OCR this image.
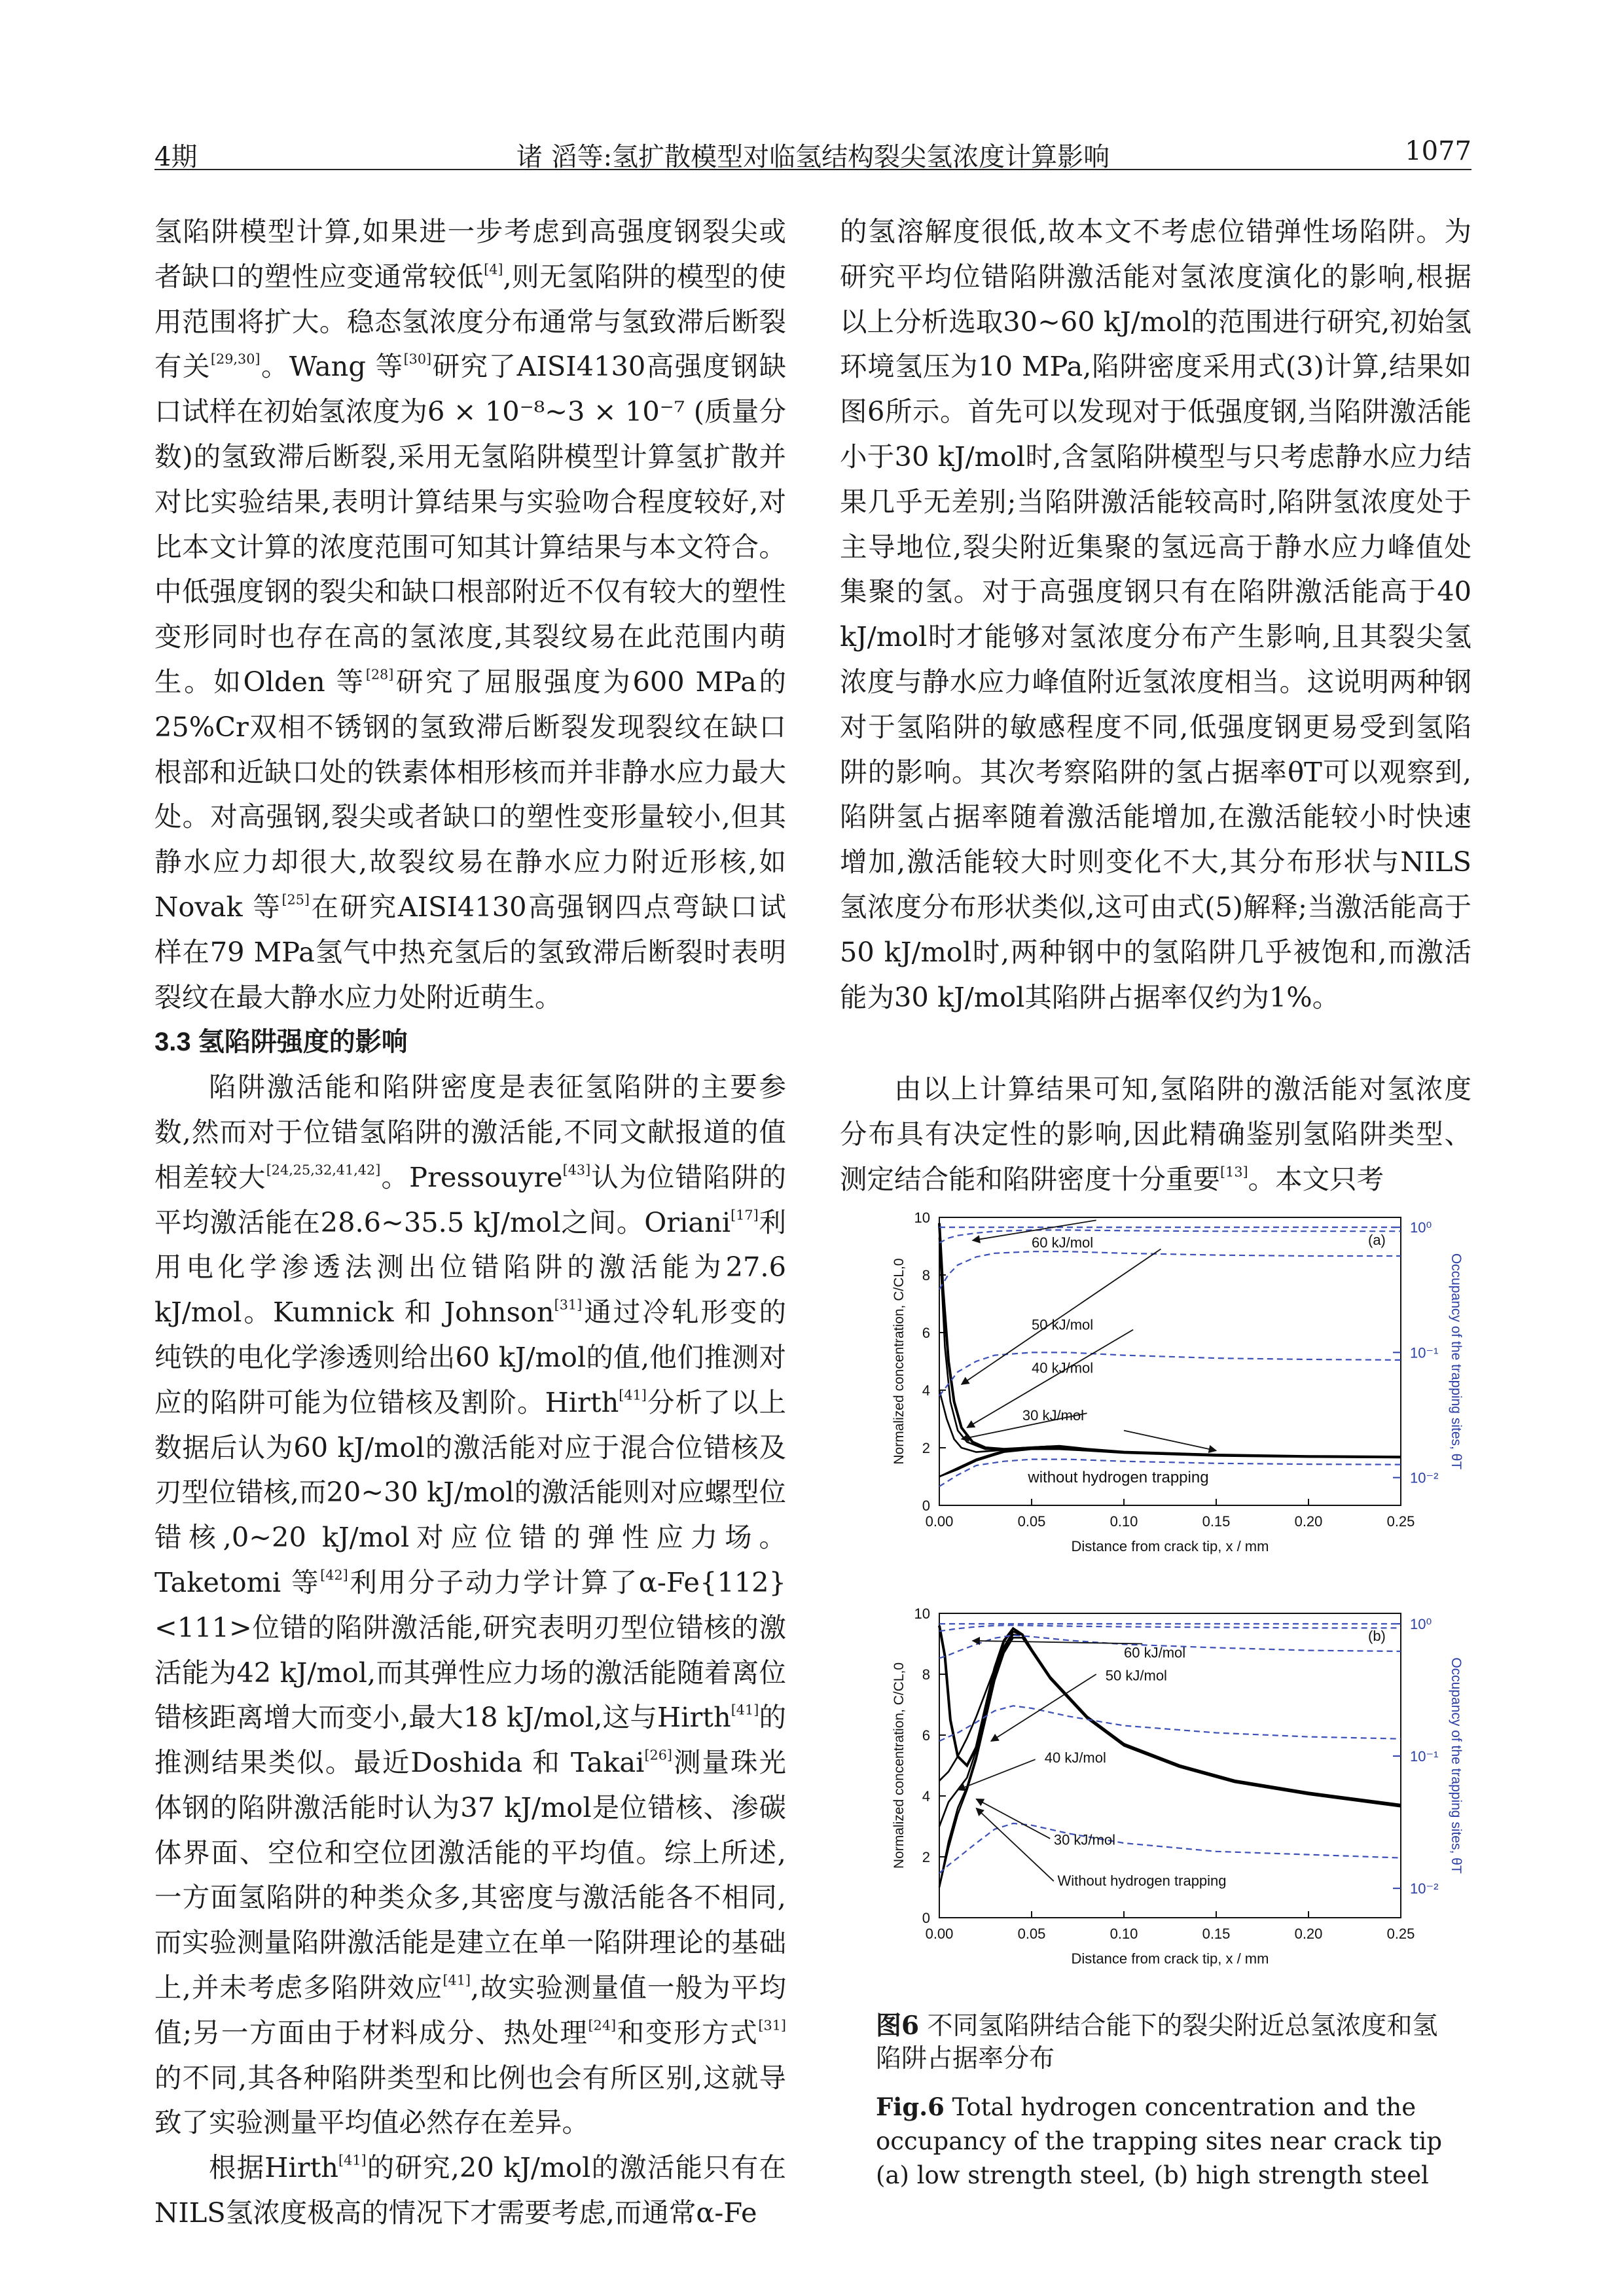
4期	诸 滔等:氢扩散模型对临氢结构裂尖氢浓度计算影响	1077

氢陷阱模型计算,如果进一步考虑到高强度钢裂尖或者缺口的塑性应变通常较低[4],则无氢陷阱的模型的使用范围将扩大。稳态氢浓度分布通常与氢致滞后断裂有关[29,30]。Wang 等[30]研究了AISI4130高强度钢缺口试样在初始氢浓度为6 × 10⁻⁸~3 × 10⁻⁷ (质量分数)的氢致滞后断裂,采用无氢陷阱模型计算氢扩散并对比实验结果,表明计算结果与实验吻合程度较好,对比本文计算的浓度范围可知其计算结果与本文符合。中低强度钢的裂尖和缺口根部附近不仅有较大的塑性变形同时也存在高的氢浓度,其裂纹易在此范围内萌生。如Olden 等[28]研究了屈服强度为600 MPa的25%Cr双相不锈钢的氢致滞后断裂发现裂纹在缺口根部和近缺口处的铁素体相形核而并非静水应力最大处。对高强钢,裂尖或者缺口的塑性变形量较小,但其静水应力却很大,故裂纹易在静水应力附近形核,如Novak 等[25]在研究AISI4130高强钢四点弯缺口试样在79 MPa氢气中热充氢后的氢致滞后断裂时表明裂纹在最大静水应力处附近萌生。

3.3 氢陷阱强度的影响

陷阱激活能和陷阱密度是表征氢陷阱的主要参数,然而对于位错氢陷阱的激活能,不同文献报道的值相差较大[24,25,32,41,42]。Pressouyre[43]认为位错陷阱的平均激活能在28.6~35.5 kJ/mol之间。Oriani[17]利用电化学渗透法测出位错陷阱的激活能为27.6 kJ/mol。Kumnick 和 Johnson[31]通过冷轧形变的纯铁的电化学渗透则给出60 kJ/mol的值,他们推测对应的陷阱可能为位错核及割阶。Hirth[41]分析了以上数据后认为60 kJ/mol的激活能对应于混合位错核及刃型位错核,而20~30 kJ/mol的激活能则对应螺型位错核,0~20 kJ/mol对应位错的弹性应力场。Taketomi 等[42]利用分子动力学计算了α-Fe{112}<111>位错的陷阱激活能,研究表明刃型位错核的激活能为42 kJ/mol,而其弹性应力场的激活能随着离位错核距离增大而变小,最大18 kJ/mol,这与Hirth[41]的推测结果类似。最近Doshida 和 Takai[26]测量珠光体钢的陷阱激活能时认为37 kJ/mol是位错核、渗碳体界面、空位和空位团激活能的平均值。综上所述,一方面氢陷阱的种类众多,其密度与激活能各不相同,而实验测量陷阱激活能是建立在单一陷阱理论的基础上,并未考虑多陷阱效应[41],故实验测量值一般为平均值;另一方面由于材料成分、热处理[24]和变形方式[31]的不同,其各种陷阱类型和比例也会有所区别,这就导致了实验测量平均值必然存在差异。

根据Hirth[41]的研究,20 kJ/mol的激活能只有在NILS氢浓度极高的情况下才需要考虑,而通常α-Fe

的氢溶解度很低,故本文不考虑位错弹性场陷阱。为研究平均位错陷阱激活能对氢浓度演化的影响,根据以上分析选取30~60 kJ/mol的范围进行研究,初始氢环境氢压为10 MPa,陷阱密度采用式(3)计算,结果如图6所示。首先可以发现对于低强度钢,当陷阱激活能小于30 kJ/mol时,含氢陷阱模型与只考虑静水应力结果几乎无差别;当陷阱激活能较高时,陷阱氢浓度处于主导地位,裂尖附近集聚的氢远高于静水应力峰值处集聚的氢。对于高强度钢只有在陷阱激活能高于40 kJ/mol时才能够对氢浓度分布产生影响,且其裂尖氢浓度与静水应力峰值附近氢浓度相当。这说明两种钢对于氢陷阱的敏感程度不同,低强度钢更易受到氢陷阱的影响。其次考察陷阱的氢占据率θT可以观察到,陷阱氢占据率随着激活能增加,在激活能较小时快速增加,激活能较大时则变化不大,其分布形状与NILS氢浓度分布形状类似,这可由式(5)解释;当激活能高于50 kJ/mol时,两种钢中的氢陷阱几乎被饱和,而激活能为30 kJ/mol其陷阱占据率仅约为1%。

由以上计算结果可知,氢陷阱的激活能对氢浓度分布具有决定性的影响,因此精确鉴别氢陷阱类型、测定结合能和陷阱密度十分重要[13]。本文只考

0.00	0.05	0.10	0.15	0.20	0.25
0
2
4
6
8
10
10⁻²
10⁻¹
10⁰
Distance from crack tip, x / mm
Normalized concentration, C/CL,0	Occupancy of the trapping sites, θT
(a)
60 kJ/mol
50 kJ/mol
40 kJ/mol
30 kJ/mol
without hydrogen trapping
0.00	0.05	0.10	0.15	0.20	0.25
0
2
4
6
8
10
10⁻²
10⁻¹
10⁰
Distance from crack tip, x / mm
Normalized concentration, C/CL,0	Occupancy of the trapping sites, θT
(b)
60 kJ/mol
50 kJ/mol
40 kJ/mol
30 kJ/mol
Without hydrogen trapping
图6 不同氢陷阱结合能下的裂尖附近总氢浓度和氢陷阱占据率分布
Fig.6 Total hydrogen concentration and the occupancy of the trapping sites near crack tip (a) low strength steel, (b) high strength steel
